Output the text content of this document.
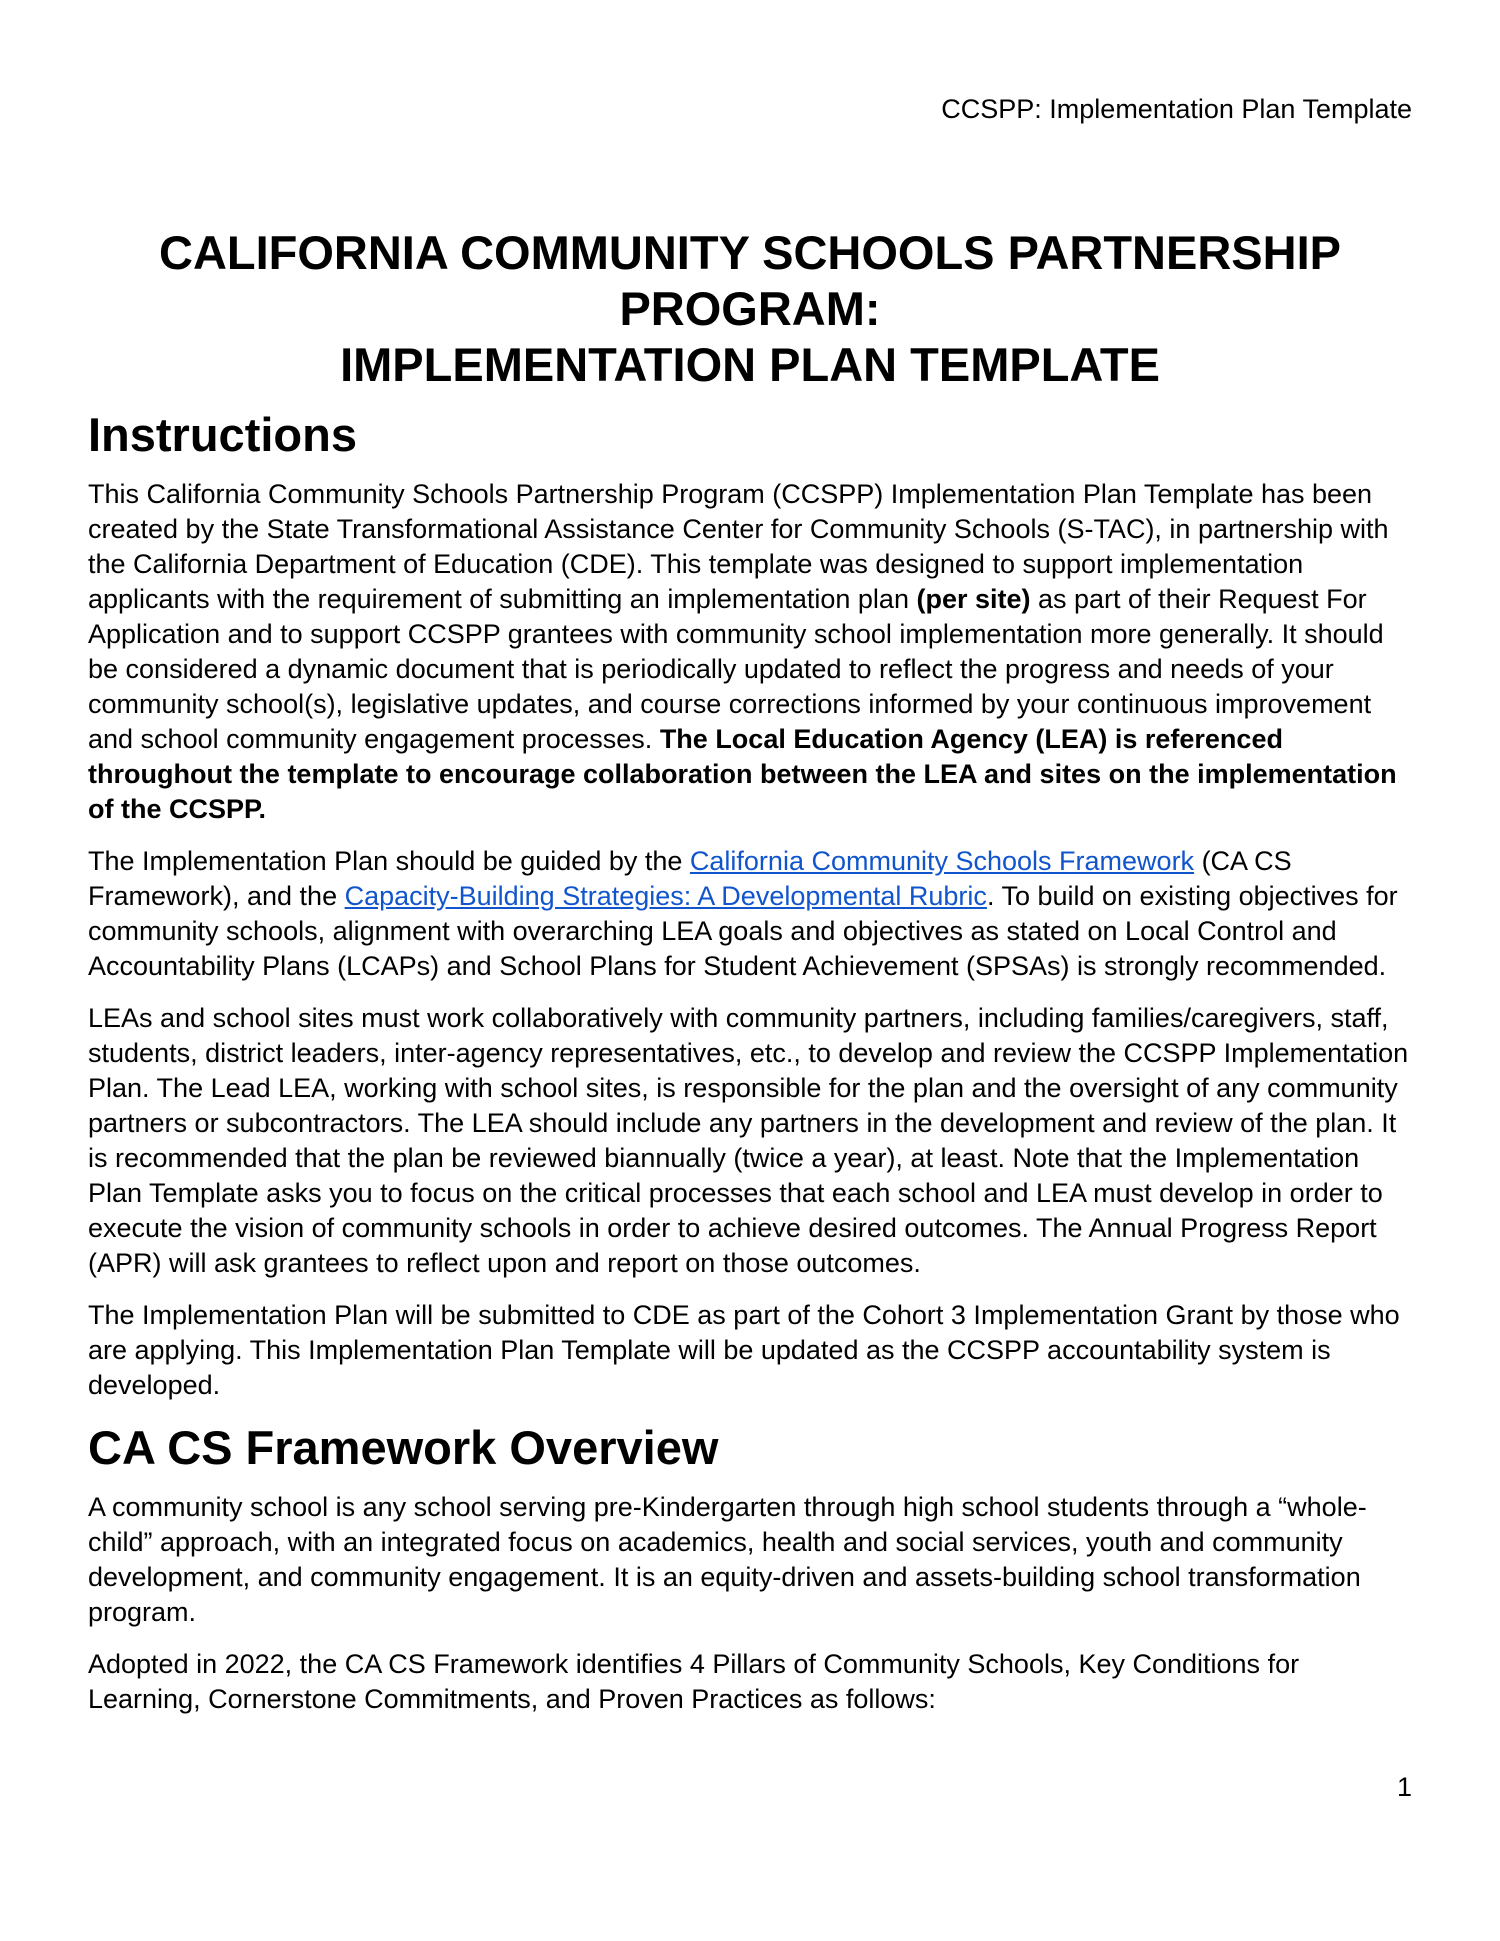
CCSPP: Implementation Plan Template
CALIFORNIA COMMUNITY SCHOOLS PARTNERSHIP PROGRAM:
IMPLEMENTATION PLAN TEMPLATE
Instructions

This California Community Schools Partnership Program (CCSPP) Implementation Plan Template has been created by the State Transformational Assistance Center for Community Schools (S-TAC), in partnership with the California Department of Education (CDE). This template was designed to support implementation applicants with the requirement of submitting an implementation plan (per site) as part of their Request For Application and to support CCSPP grantees with community school implementation more generally. It should be considered a dynamic document that is periodically updated to reflect the progress and needs of your community school(s), legislative updates, and course corrections informed by your continuous improvement and school community engagement processes. The Local Education Agency (LEA) is referenced throughout the template to encourage collaboration between the LEA and sites on the implementation of the CCSPP.

The Implementation Plan should be guided by the California Community Schools Framework (CA CS Framework), and the Capacity-Building Strategies: A Developmental Rubric. To build on existing objectives for community schools, alignment with overarching LEA goals and objectives as stated on Local Control and Accountability Plans (LCAPs) and School Plans for Student Achievement (SPSAs) is strongly recommended.

LEAs and school sites must work collaboratively with community partners, including families/caregivers, staff, students, district leaders, inter-agency representatives, etc., to develop and review the CCSPP Implementation Plan. The Lead LEA, working with school sites, is responsible for the plan and the oversight of any community partners or subcontractors. The LEA should include any partners in the development and review of the plan. It is recommended that the plan be reviewed biannually (twice a year), at least. Note that the Implementation Plan Template asks you to focus on the critical processes that each school and LEA must develop in order to execute the vision of community schools in order to achieve desired outcomes. The Annual Progress Report (APR) will ask grantees to reflect upon and report on those outcomes.

The Implementation Plan will be submitted to CDE as part of the Cohort 3 Implementation Grant by those who are applying. This Implementation Plan Template will be updated as the CCSPP accountability system is developed.

CA CS Framework Overview

A community school is any school serving pre-Kindergarten through high school students through a “whole-child” approach, with an integrated focus on academics, health and social services, youth and community development, and community engagement. It is an equity-driven and assets-building school transformation program.

Adopted in 2022, the CA CS Framework identifies 4 Pillars of Community Schools, Key Conditions for Learning, Cornerstone Commitments, and Proven Practices as follows:

1
